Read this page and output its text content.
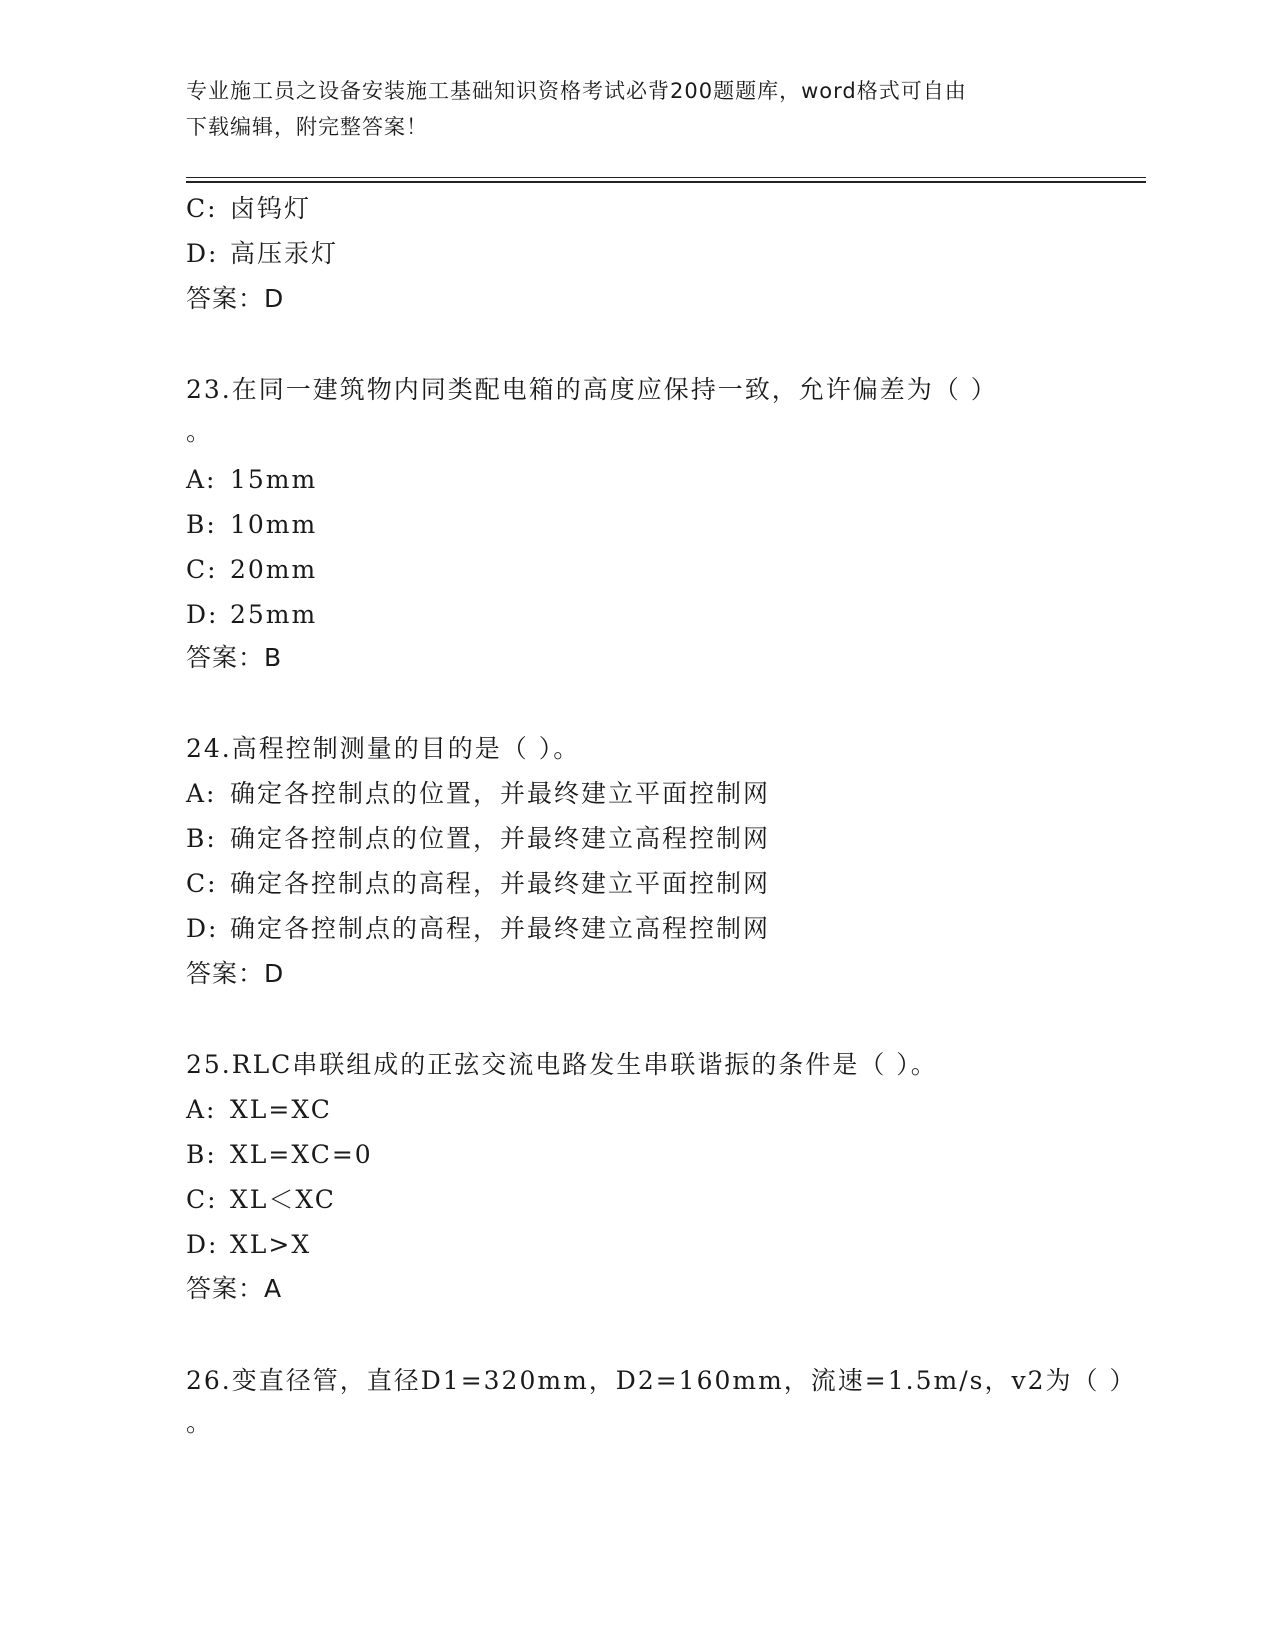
专业施工员之设备安装施工基础知识资格考试必背200题题库，word格式可自由
下载编辑，附完整答案！
C: 卤钨灯
D: 高压汞灯
答案：D
23.在同一建筑物内同类配电箱的高度应保持一致，允许偏差为（ ）
。
A: 15mm
B: 10mm
C: 20mm
D: 25mm
答案：B
24.高程控制测量的目的是（ ）。
A: 确定各控制点的位置，并最终建立平面控制网
B: 确定各控制点的位置，并最终建立高程控制网
C: 确定各控制点的高程，并最终建立平面控制网
D: 确定各控制点的高程，并最终建立高程控制网
答案：D
25.RLC串联组成的正弦交流电路发生串联谐振的条件是（ ）。
A: XL=XC
B: XL=XC=0
C: XL＜XC
D: XL>X
答案：A
26.变直径管，直径D1=320mm，D2=160mm，流速=1.5m/s，v2为（ ）
。
